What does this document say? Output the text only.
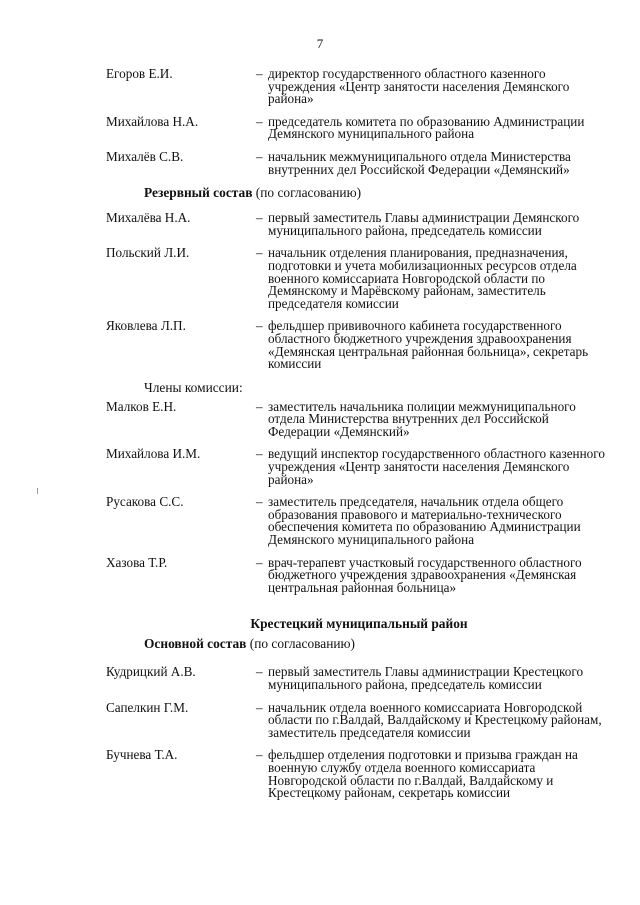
7
Егоров Е.И.	– директор государственного областного казенного учреждения «Центр занятости населения Демянского района»
Михайлова Н.А.	– председатель комитета по образованию Администрации Демянского муниципального района
Михалёв С.В.	– начальник межмуниципального отдела Министерства внутренних дел Российской Федерации «Демянский»
Резервный состав (по согласованию)
Михалёва Н.А.	– первый заместитель Главы администрации Демянского муниципального района, председатель комиссии
Польский Л.И.	– начальник отделения планирования, предназначения, подготовки и учета мобилизационных ресурсов отдела военного комиссариата Новгородской области по Демянскому и Марёвскому районам, заместитель председателя комиссии
Яковлева Л.П.	– фельдшер прививочного кабинета государственного областного бюджетного учреждения здравоохранения «Демянская центральная районная больница», секретарь комиссии
Члены комиссии:
Малков Е.Н.	– заместитель начальника полиции межмуниципального отдела Министерства внутренних дел Российской Федерации «Демянский»
Михайлова И.М.	– ведущий инспектор государственного областного казенного учреждения «Центр занятости населения Демянского района»
Русакова С.С.	– заместитель председателя, начальник отдела общего образования правового и материально-технического обеспечения комитета по образованию Администрации Демянского муниципального района
Хазова Т.Р.	– врач-терапевт участковый государственного областного бюджетного учреждения здравоохранения «Демянская центральная районная больница»
Крестецкий муниципальный район
Основной состав (по согласованию)
Кудрицкий А.В.	– первый заместитель Главы администрации Крестецкого муниципального района, председатель комиссии
Сапелкин Г.М.	– начальник отдела военного комиссариата Новгородской области по г.Валдай, Валдайскому и Крестецкому районам, заместитель председателя комиссии
Бучнева Т.А.	– фельдшер отделения подготовки и призыва граждан на военную службу отдела военного комиссариата Новгородской области по г.Валдай, Валдайскому и Крестецкому районам, секретарь комиссии
